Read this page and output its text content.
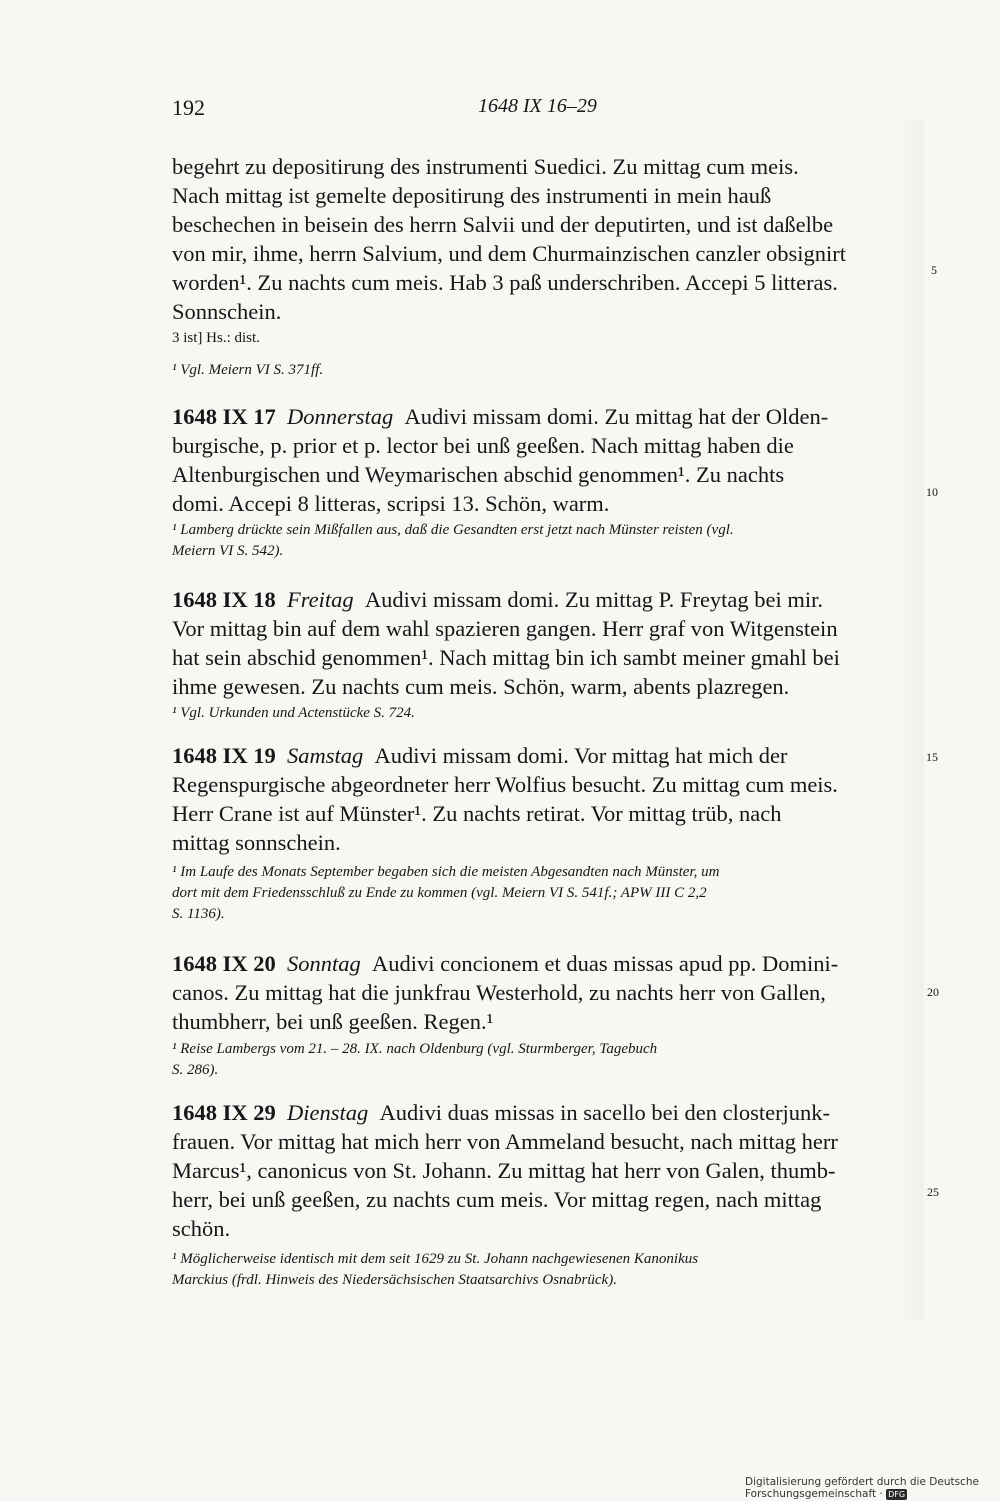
192	1648 IX 16–29
begehrt zu depositirung des instrumenti Suedici. Zu mittag cum meis.
Nach mittag ist gemelte depositirung des instrumenti in mein hauß
beschechen in beisein des herrn Salvii und der deputirten, und ist daßelbe
von mir, ihme, herrn Salvium, und dem Churmainzischen canzler obsignirt
worden¹. Zu nachts cum meis. Hab 3 paß underschriben. Accepi 5 litteras.
Sonnschein.
5
3 ist] Hs.: dist.
¹ Vgl. Meiern VI S. 371ff.
1648 IX 17 Donnerstag Audivi missam domi. Zu mittag hat der Olden-
burgische, p. prior et p. lector bei unß geeßen. Nach mittag haben die
Altenburgischen und Weymarischen abschid genommen¹. Zu nachts
domi. Accepi 8 litteras, scripsi 13. Schön, warm.	10
¹ Lamberg drückte sein Mißfallen aus, daß die Gesandten erst jetzt nach Münster reisten (vgl.
Meiern VI S. 542).
1648 IX 18 Freitag Audivi missam domi. Zu mittag P. Freytag bei mir.
Vor mittag bin auf dem wahl spazieren gangen. Herr graf von Witgenstein
hat sein abschid genommen¹. Nach mittag bin ich sambt meiner gmahl bei
ihme gewesen. Zu nachts cum meis. Schön, warm, abents plazregen.
¹ Vgl. Urkunden und Actenstücke S. 724.
1648 IX 19 Samstag Audivi missam domi. Vor mittag hat mich der
Regenspurgische abgeordneter herr Wolfius besucht. Zu mittag cum meis.
Herr Crane ist auf Münster¹. Zu nachts retirat. Vor mittag trüb, nach
mittag sonnschein.
15
¹ Im Laufe des Monats September begaben sich die meisten Abgesandten nach Münster, um
dort mit dem Friedensschluß zu Ende zu kommen (vgl. Meiern VI S. 541f.; APW III C 2,2
S. 1136).
1648 IX 20 Sonntag Audivi concionem et duas missas apud pp. Domini-
canos. Zu mittag hat die junkfrau Westerhold, zu nachts herr von Gallen,
thumbherr, bei unß geeßen. Regen.¹
20
¹ Reise Lambergs vom 21. – 28. IX. nach Oldenburg (vgl. Sturmberger, Tagebuch
S. 286).
1648 IX 29 Dienstag Audivi duas missas in sacello bei den closterjunk-
frauen. Vor mittag hat mich herr von Ammeland besucht, nach mittag herr
Marcus¹, canonicus von St. Johann. Zu mittag hat herr von Galen, thumb-
herr, bei unß geeßen, zu nachts cum meis. Vor mittag regen, nach mittag
schön.
25
¹ Möglicherweise identisch mit dem seit 1629 zu St. Johann nachgewiesenen Kanonikus
Marckius (frdl. Hinweis des Niedersächsischen Staatsarchivs Osnabrück).
Digitalisierung gefördert durch die Deutsche Forschungsgemeinschaft · DFG
